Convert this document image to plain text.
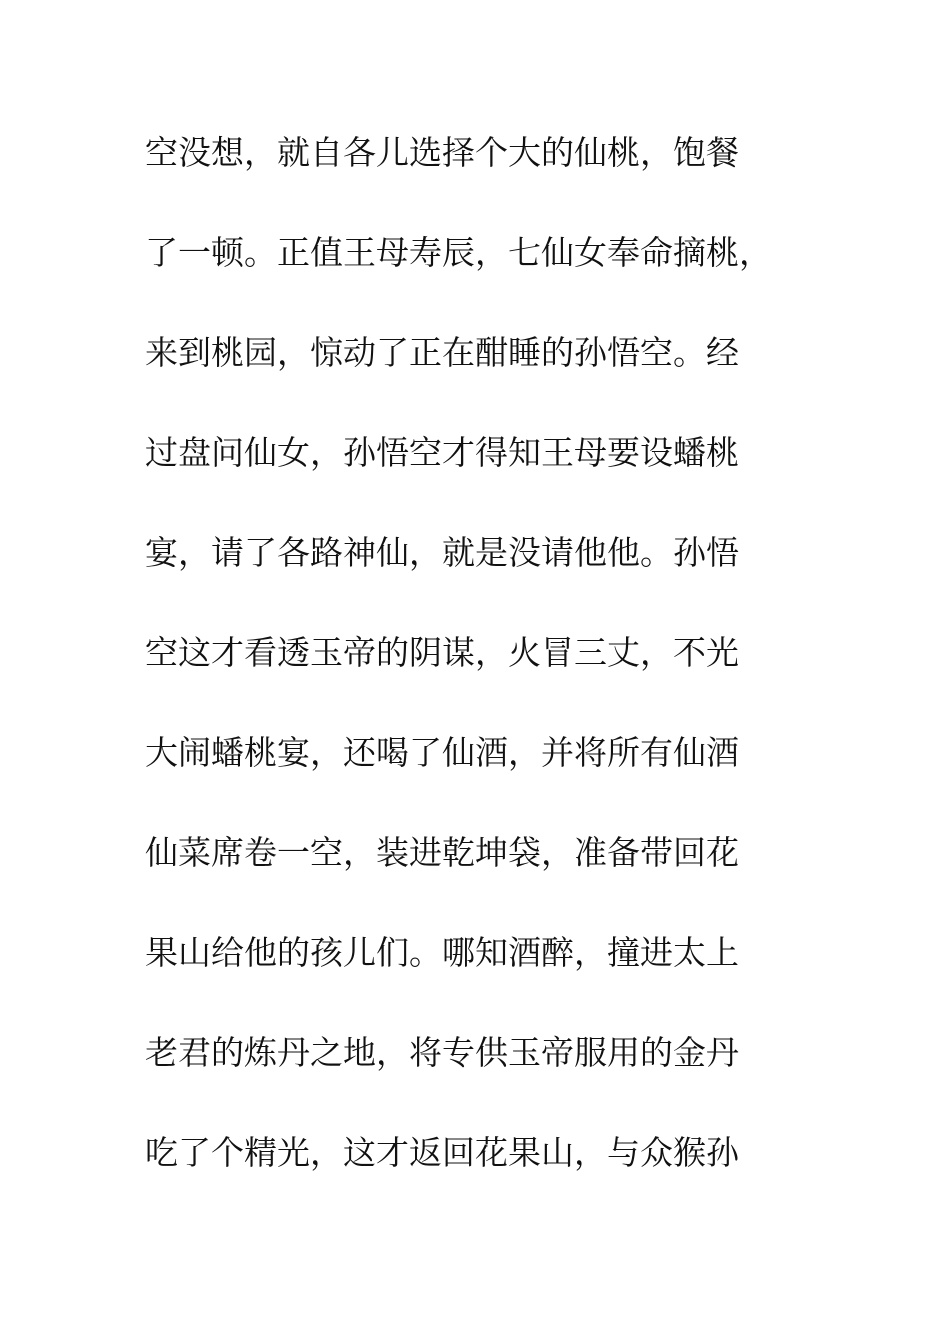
空没想，就自各儿选择个大的仙桃，饱餐
了一顿。正值王母寿辰，七仙女奉命摘桃，
来到桃园，惊动了正在酣睡的孙悟空。经
过盘问仙女，孙悟空才得知王母要设蟠桃
宴，请了各路神仙，就是没请他他。孙悟
空这才看透玉帝的阴谋，火冒三丈，不光
大闹蟠桃宴，还喝了仙酒，并将所有仙酒
仙菜席卷一空，装进乾坤袋，准备带回花
果山给他的孩儿们。哪知酒醉，撞进太上
老君的炼丹之地，将专供玉帝服用的金丹
吃了个精光，这才返回花果山，与众猴孙
